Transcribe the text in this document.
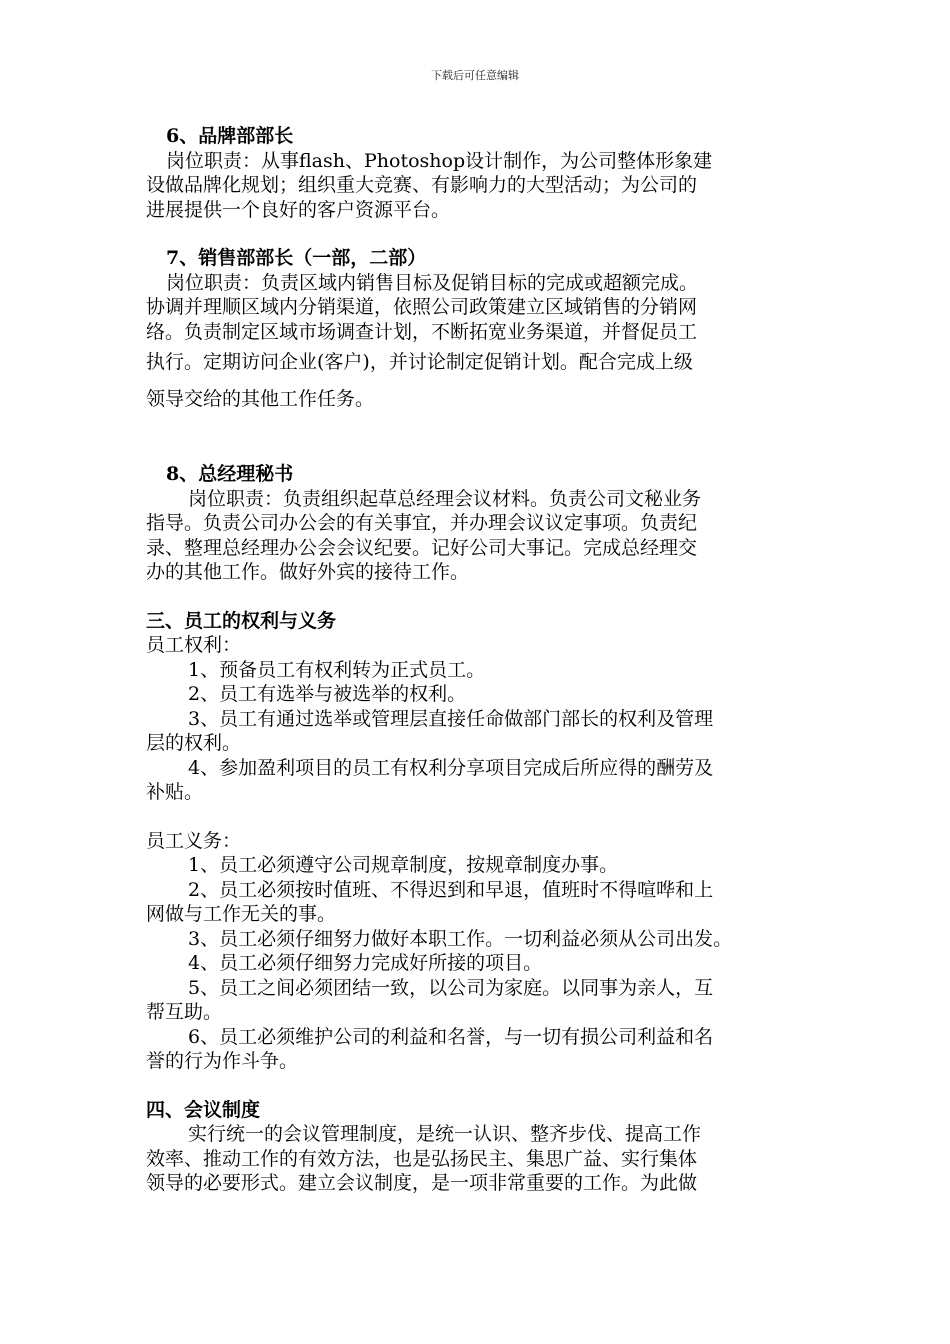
下载后可任意编辑

6、品牌部部长

岗位职责：从事flash、Photoshop设计制作，为公司整体形象建

设做品牌化规划；组织重大竞赛、有影响力的大型活动；为公司的

进展提供一个良好的客户资源平台。

7、销售部部长（一部，二部）

岗位职责：负责区域内销售目标及促销目标的完成或超额完成。

协调并理顺区域内分销渠道，依照公司政策建立区域销售的分销网

络。负责制定区域市场调查计划，不断拓宽业务渠道，并督促员工

执行。定期访问企业(客户)，并讨论制定促销计划。配合完成上级

领导交给的其他工作任务。

8、总经理秘书

岗位职责：负责组织起草总经理会议材料。负责公司文秘业务

指导。负责公司办公会的有关事宜，并办理会议议定事项。负责纪

录、整理总经理办公会会议纪要。记好公司大事记。完成总经理交

办的其他工作。做好外宾的接待工作。

三、员工的权利与义务

员工权利：

1、预备员工有权利转为正式员工。

2、员工有选举与被选举的权利。

3、员工有通过选举或管理层直接任命做部门部长的权利及管理

层的权利。

4、参加盈利项目的员工有权利分享项目完成后所应得的酬劳及

补贴。

员工义务：

1、员工必须遵守公司规章制度，按规章制度办事。

2、员工必须按时值班、不得迟到和早退，值班时不得喧哗和上

网做与工作无关的事。

3、员工必须仔细努力做好本职工作。一切利益必须从公司出发。

4、员工必须仔细努力完成好所接的项目。

5、员工之间必须团结一致，以公司为家庭。以同事为亲人，互

帮互助。

6、员工必须维护公司的利益和名誉，与一切有损公司利益和名

誉的行为作斗争。

四、会议制度

实行统一的会议管理制度，是统一认识、整齐步伐、提高工作

效率、推动工作的有效方法，也是弘扬民主、集思广益、实行集体

领导的必要形式。建立会议制度，是一项非常重要的工作。为此做
